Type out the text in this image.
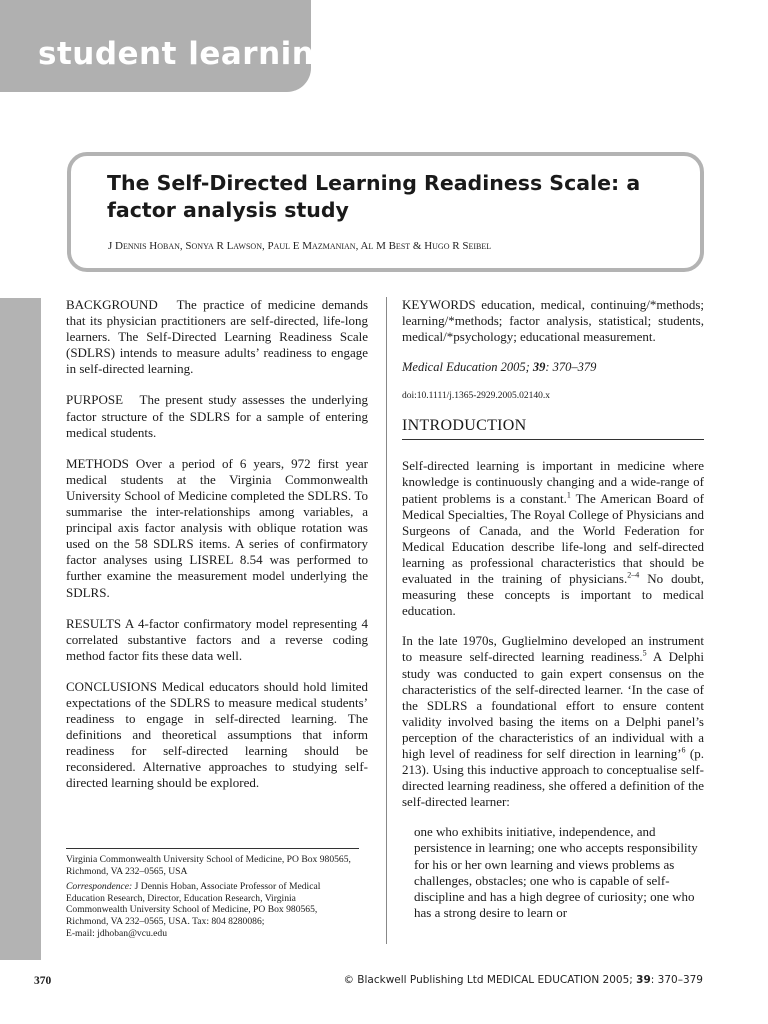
student learning
The Self-Directed Learning Readiness Scale: a factor analysis study

J Dennis Hoban, Sonya R Lawson, Paul E Mazmanian, Al M Best & Hugo R Seibel

BACKGROUND The practice of medicine demands that its physician practitioners are self-directed, life-long learners. The Self-Directed Learning Readiness Scale (SDLRS) intends to measure adults’ readiness to engage in self-directed learning.

PURPOSE The present study assesses the underlying factor structure of the SDLRS for a sample of entering medical students.

METHODS Over a period of 6 years, 972 first year medical students at the Virginia Commonwealth University School of Medicine completed the SDLRS. To summarise the inter-relationships among variables, a principal axis factor analysis with oblique rotation was used on the 58 SDLRS items. A series of confirmatory factor analyses using LISREL 8.54 was performed to further examine the measurement model underlying the SDLRS.

RESULTS A 4-factor confirmatory model representing 4 correlated substantive factors and a reverse coding method factor fits these data well.

CONCLUSIONS Medical educators should hold limited expectations of the SDLRS to measure medical students’ readiness to engage in self-directed learning. The definitions and theoretical assumptions that inform readiness for self-directed learning should be reconsidered. Alternative approaches to studying self-directed learning should be explored.

KEYWORDS education, medical, continuing/*methods; learning/*methods; factor analysis, statistical; students, medical/*psychology; educational measurement.

Medical Education 2005; 39: 370–379

doi:10.1111/j.1365-2929.2005.02140.x

INTRODUCTION

Self-directed learning is important in medicine where knowledge is continuously changing and a wide-range of patient problems is a constant.$^1$ The American Board of Medical Specialties, The Royal College of Physicians and Surgeons of Canada, and the World Federation for Medical Education describe life-long and self-directed learning as professional characteristics that should be evaluated in the training of physicians.$^{2-4}$ No doubt, measuring these concepts is important to medical education.

In the late 1970s, Guglielmino developed an instrument to measure self-directed learning readiness.$^5$ A Delphi study was conducted to gain expert consensus on the characteristics of the self-directed learner. ‘In the case of the SDLRS a foundational effort to ensure content validity involved basing the items on a Delphi panel’s perception of the characteristics of an individual with a high level of readiness for self direction in learning’$^6$ (p. 213). Using this inductive approach to conceptualise self-directed learning readiness, she offered a definition of the self-directed learner:

one who exhibits initiative, independence, and persistence in learning; one who accepts responsibility for his or her own learning and views problems as challenges, obstacles; one who is capable of self-discipline and has a high degree of curiosity; one who has a strong desire to learn or

Virginia Commonwealth University School of Medicine, PO Box 980565, Richmond, VA 232–0565, USA

Correspondence: J Dennis Hoban, Associate Professor of Medical Education Research, Director, Education Research, Virginia Commonwealth University School of Medicine, PO Box 980565, Richmond, VA 232–0565, USA. Tax: 804 8280086;
E-mail: jdhoban@vcu.edu

370	© Blackwell Publishing Ltd MEDICAL EDUCATION 2005; 39: 370–379
